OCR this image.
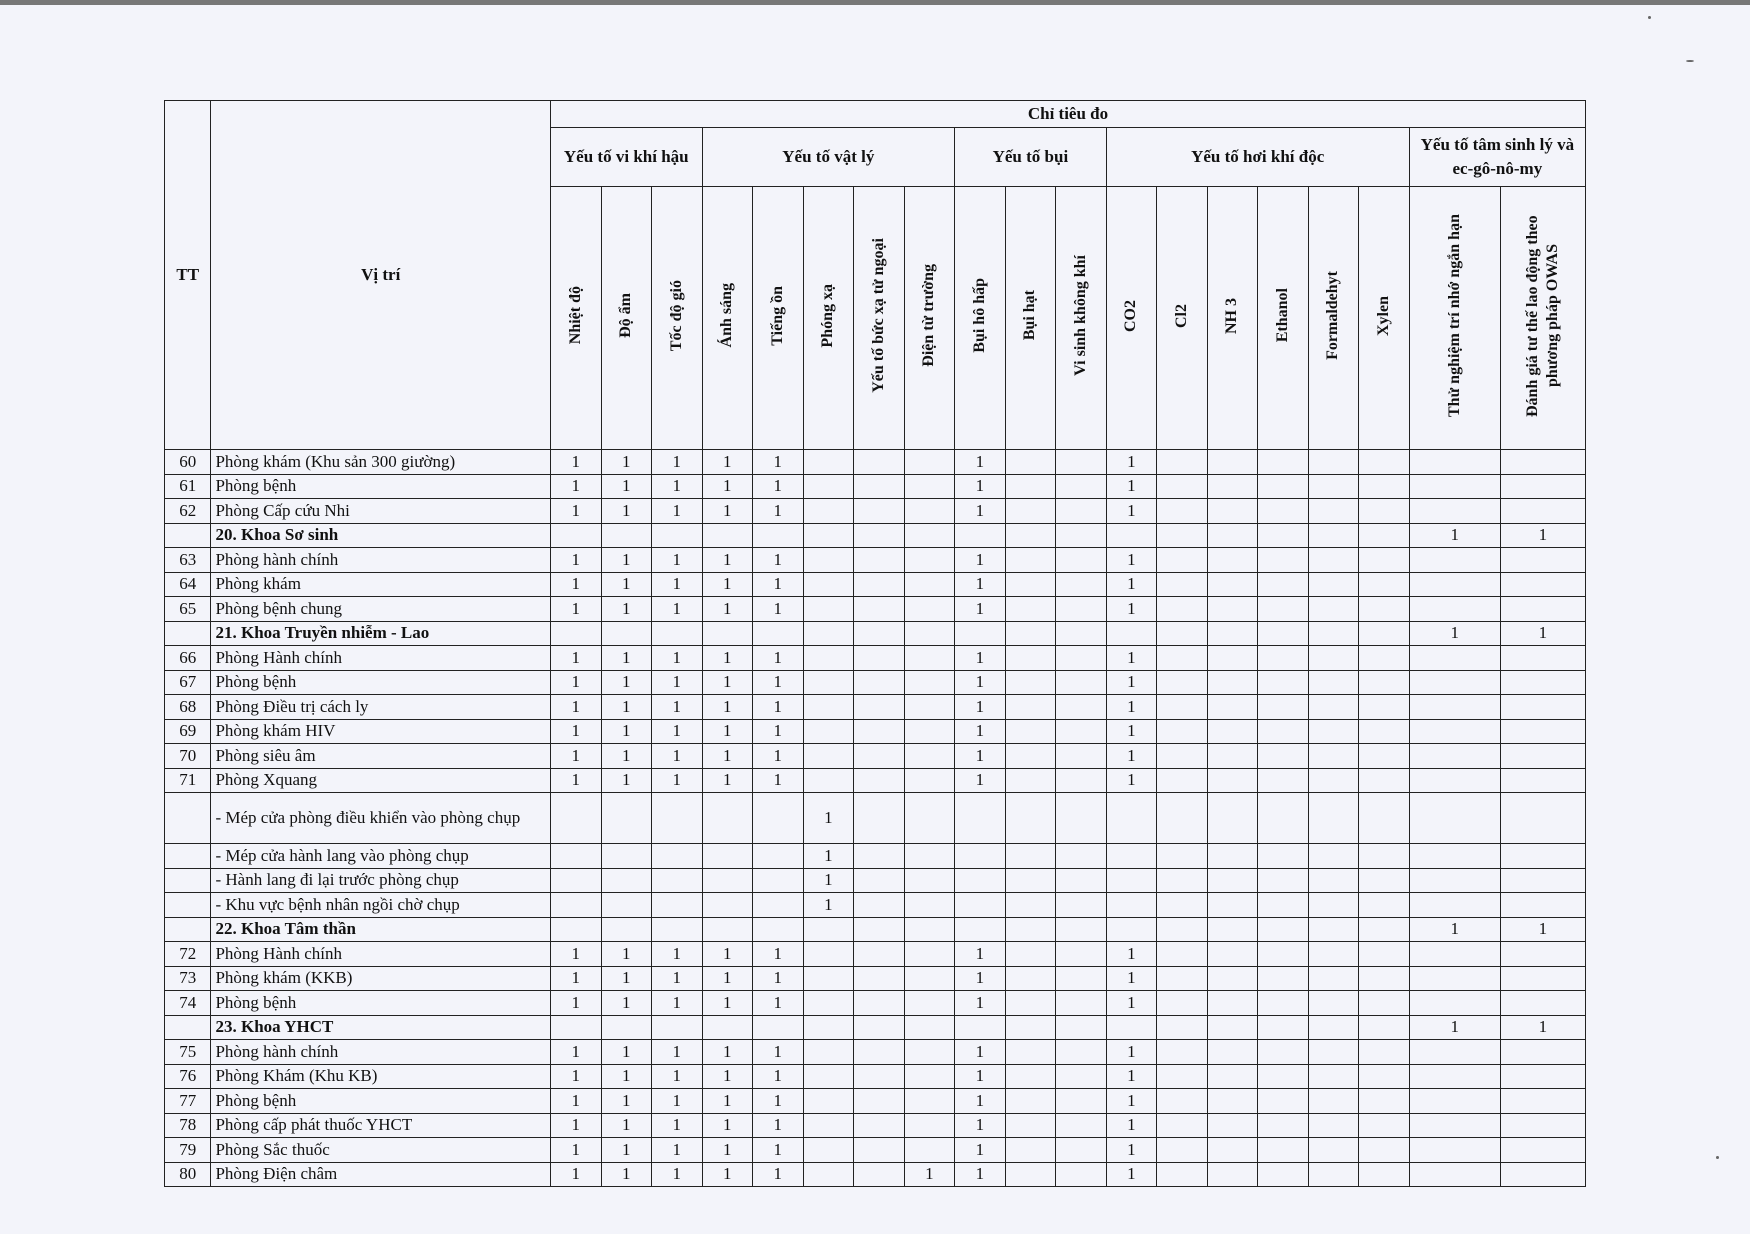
TT	Vị trí	Chỉ tiêu đo																		
		Yếu tố vi khí hậu			Yếu tố vật lý					Yếu tố bụi			Yếu tố hơi khí độc						Yếu tố tâm sinh lý và ec-gô-nô-my	
		Nhiệt độ	Độ ẩm	Tốc độ gió	Ánh sáng	Tiếng ồn	Phóng xạ	Yếu tố bức xạ tử ngoại	Điện từ trường	Bụi hô hấp	Bụi hạt	Vi sinh không khí	CO2	Cl2	NH 3	Ethanol	Formaldehyt	Xylen	Thử nghiệm trí nhớ ngắn hạn	Đánh giá tư thế lao động theo phương pháp OWAS
60	Phòng khám (Khu sản 300 giường)	1	1	1	1	1				1			1							
61	Phòng bệnh	1	1	1	1	1				1			1							
62	Phòng Cấp cứu Nhi	1	1	1	1	1				1			1							
	20. Khoa Sơ sinh																		1	1
63	Phòng hành chính	1	1	1	1	1				1			1							
64	Phòng khám	1	1	1	1	1				1			1							
65	Phòng bệnh chung	1	1	1	1	1				1			1							
	21. Khoa Truyền nhiễm - Lao																		1	1
66	Phòng Hành chính	1	1	1	1	1				1			1							
67	Phòng bệnh	1	1	1	1	1				1			1							
68	Phòng Điều trị cách ly	1	1	1	1	1				1			1							
69	Phòng khám HIV	1	1	1	1	1				1			1							
70	Phòng siêu âm	1	1	1	1	1				1			1							
71	Phòng Xquang	1	1	1	1	1				1			1							
	- Mép cửa phòng điều khiển vào phòng chụp						1													
	- Mép cửa hành lang vào phòng chụp						1													
	- Hành lang đi lại trước phòng chụp						1													
	- Khu vực bệnh nhân ngồi chờ chụp						1													
	22. Khoa Tâm thần																		1	1
72	Phòng Hành chính	1	1	1	1	1				1			1							
73	Phòng khám (KKB)	1	1	1	1	1				1			1							
74	Phòng bệnh	1	1	1	1	1				1			1							
	23. Khoa YHCT																		1	1
75	Phòng hành chính	1	1	1	1	1				1			1							
76	Phòng Khám (Khu KB)	1	1	1	1	1				1			1							
77	Phòng bệnh	1	1	1	1	1				1			1							
78	Phòng cấp phát thuốc YHCT	1	1	1	1	1				1			1							
79	Phòng Sắc thuốc	1	1	1	1	1				1			1							
80	Phòng Điện châm	1	1	1	1	1			1	1			1							
